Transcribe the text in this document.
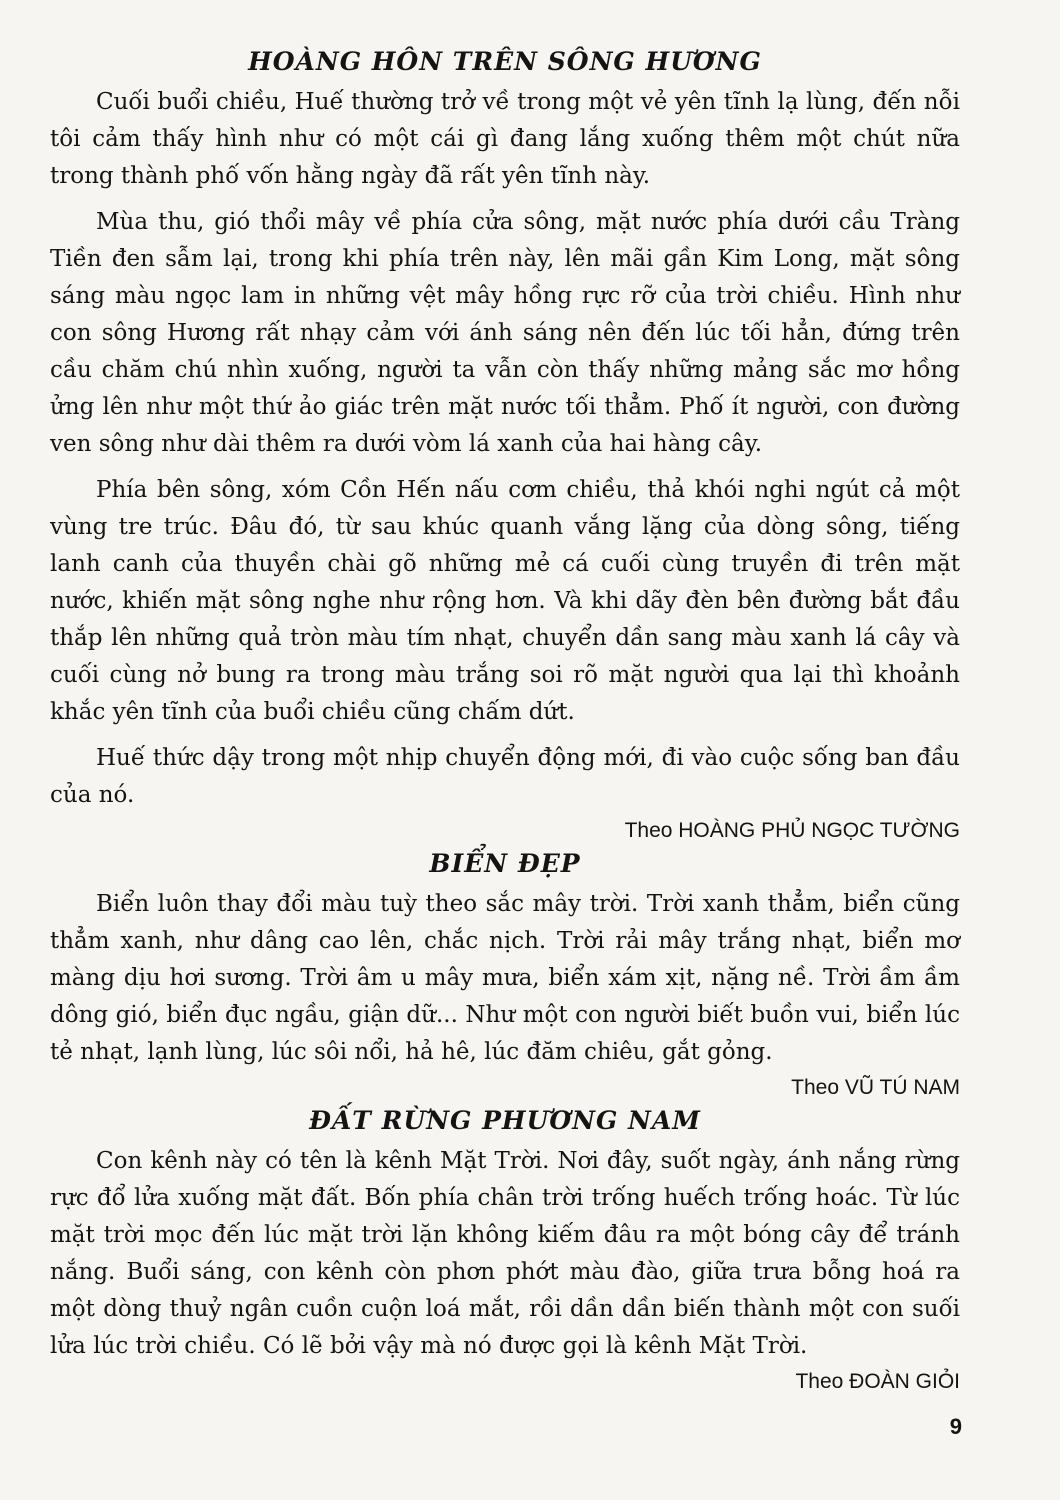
HOÀNG HÔN TRÊN SÔNG HƯƠNG

Cuối buổi chiều, Huế thường trở về trong một vẻ yên tĩnh lạ lùng, đến nỗi tôi cảm thấy hình như có một cái gì đang lắng xuống thêm một chút nữa trong thành phố vốn hằng ngày đã rất yên tĩnh này.

Mùa thu, gió thổi mây về phía cửa sông, mặt nước phía dưới cầu Tràng Tiền đen sẫm lại, trong khi phía trên này, lên mãi gần Kim Long, mặt sông sáng màu ngọc lam in những vệt mây hồng rực rỡ của trời chiều. Hình như con sông Hương rất nhạy cảm với ánh sáng nên đến lúc tối hẳn, đứng trên cầu chăm chú nhìn xuống, người ta vẫn còn thấy những mảng sắc mơ hồng ửng lên như một thứ ảo giác trên mặt nước tối thẳm. Phố ít người, con đường ven sông như dài thêm ra dưới vòm lá xanh của hai hàng cây.

Phía bên sông, xóm Cồn Hến nấu cơm chiều, thả khói nghi ngút cả một vùng tre trúc. Đâu đó, từ sau khúc quanh vắng lặng của dòng sông, tiếng lanh canh của thuyền chài gõ những mẻ cá cuối cùng truyền đi trên mặt nước, khiến mặt sông nghe như rộng hơn. Và khi dãy đèn bên đường bắt đầu thắp lên những quả tròn màu tím nhạt, chuyển dần sang màu xanh lá cây và cuối cùng nở bung ra trong màu trắng soi rõ mặt người qua lại thì khoảnh khắc yên tĩnh của buổi chiều cũng chấm dứt.

Huế thức dậy trong một nhịp chuyển động mới, đi vào cuộc sống ban đầu của nó.

Theo HOÀNG PHỦ NGỌC TƯỜNG
BIỂN ĐẸP

Biển luôn thay đổi màu tuỳ theo sắc mây trời. Trời xanh thẳm, biển cũng thẳm xanh, như dâng cao lên, chắc nịch. Trời rải mây trắng nhạt, biển mơ màng dịu hơi sương. Trời âm u mây mưa, biển xám xịt, nặng nề. Trời ầm ầm dông gió, biển đục ngầu, giận dữ... Như một con người biết buồn vui, biển lúc tẻ nhạt, lạnh lùng, lúc sôi nổi, hả hê, lúc đăm chiêu, gắt gỏng.

Theo VŨ TÚ NAM
ĐẤT RỪNG PHƯƠNG NAM

Con kênh này có tên là kênh Mặt Trời. Nơi đây, suốt ngày, ánh nắng rừng rực đổ lửa xuống mặt đất. Bốn phía chân trời trống huếch trống hoác. Từ lúc mặt trời mọc đến lúc mặt trời lặn không kiếm đâu ra một bóng cây để tránh nắng. Buổi sáng, con kênh còn phơn phớt màu đào, giữa trưa bỗng hoá ra một dòng thuỷ ngân cuồn cuộn loá mắt, rồi dần dần biến thành một con suối lửa lúc trời chiều. Có lẽ bởi vậy mà nó được gọi là kênh Mặt Trời.

Theo ĐOÀN GIỎI
9
